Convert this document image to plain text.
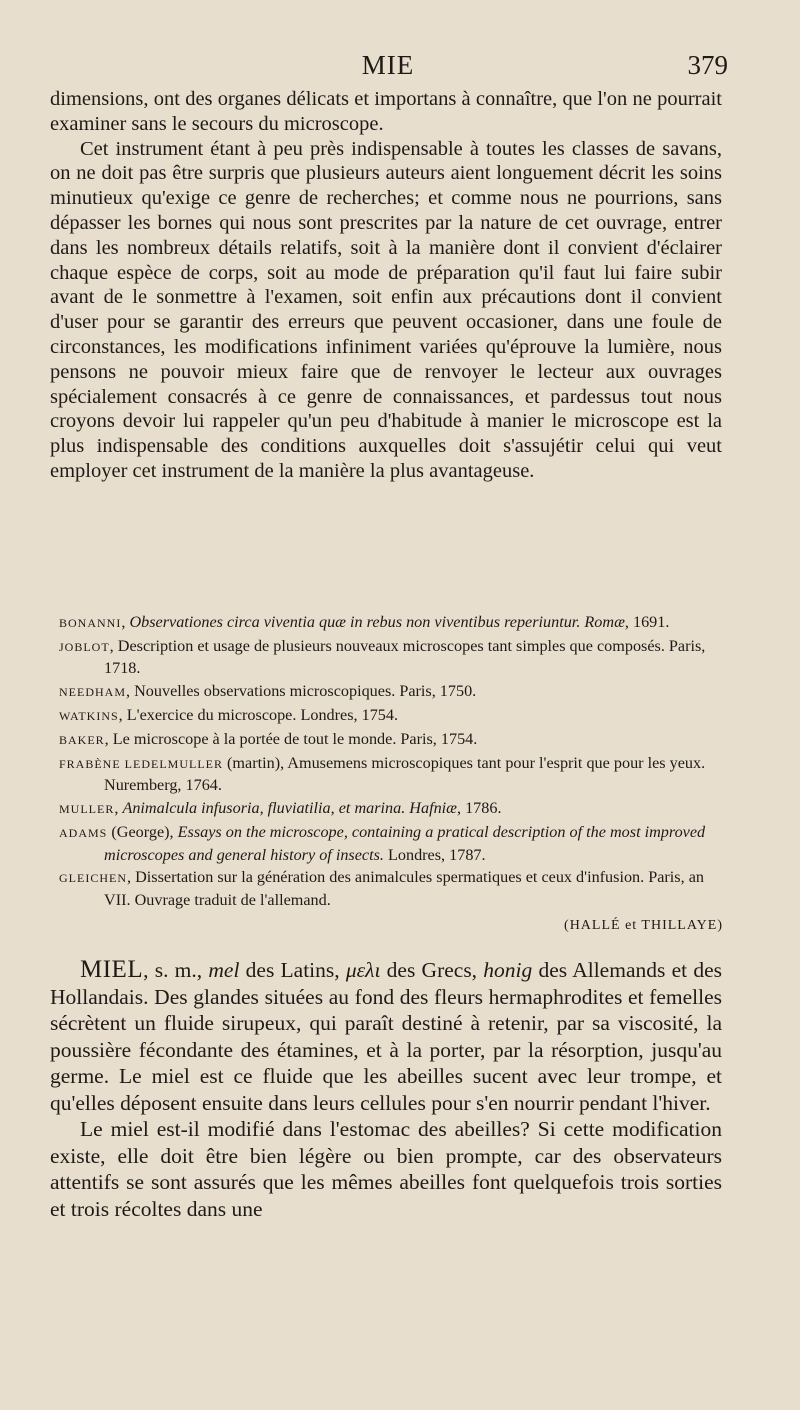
MIE	379

dimensions, ont des organes délicats et importans à connaître, que l'on ne pourrait examiner sans le secours du microscope.

Cet instrument étant à peu près indispensable à toutes les classes de savans, on ne doit pas être surpris que plusieurs auteurs aient longuement décrit les soins minutieux qu'exige ce genre de recherches; et comme nous ne pourrions, sans dépasser les bornes qui nous sont prescrites par la nature de cet ouvrage, entrer dans les nombreux détails relatifs, soit à la manière dont il convient d'éclairer chaque espèce de corps, soit au mode de préparation qu'il faut lui faire subir avant de le sonmettre à l'examen, soit enfin aux précautions dont il convient d'user pour se garantir des erreurs que peuvent occasioner, dans une foule de circonstances, les modifications infiniment variées qu'éprouve la lumière, nous pensons ne pouvoir mieux faire que de renvoyer le lecteur aux ouvrages spécialement consacrés à ce genre de connaissances, et pardessus tout nous croyons devoir lui rappeler qu'un peu d'habitude à manier le microscope est la plus indispensable des conditions auxquelles doit s'assujétir celui qui veut employer cet instrument de la manière la plus avantageuse.

BONANNI, Observationes circa viventia quæ in rebus non viventibus reperiuntur. Romæ, 1691.

JOBLOT, Description et usage de plusieurs nouveaux microscopes tant simples que composés. Paris, 1718.

NEEDHAM, Nouvelles observations microscopiques. Paris, 1750.

WATKINS, L'exercice du microscope. Londres, 1754.

BAKER, Le microscope à la portée de tout le monde. Paris, 1754.

FRABÈNE LEDELMULLER (martin), Amusemens microscopiques tant pour l'esprit que pour les yeux. Nuremberg, 1764.

MULLER, Animalcula infusoria, fluviatilia, et marina. Hafniæ, 1786.

ADAMS (George), Essays on the microscope, containing a pratical description of the most improved microscopes and general history of insects. Londres, 1787.

GLEICHEN, Dissertation sur la génération des animalcules spermatiques et ceux d'infusion. Paris, an VII. Ouvrage traduit de l'allemand.

(HALLÉ et THILLAYE)

MIEL, s. m., mel des Latins, μελι des Grecs, honig des Allemands et des Hollandais. Des glandes situées au fond des fleurs hermaphrodites et femelles sécrètent un fluide sirupeux, qui paraît destiné à retenir, par sa viscosité, la poussière fécondante des étamines, et à la porter, par la résorption, jusqu'au germe. Le miel est ce fluide que les abeilles sucent avec leur trompe, et qu'elles déposent ensuite dans leurs cellules pour s'en nourrir pendant l'hiver.

Le miel est-il modifié dans l'estomac des abeilles? Si cette modification existe, elle doit être bien légère ou bien prompte, car des observateurs attentifs se sont assurés que les mêmes abeilles font quelquefois trois sorties et trois récoltes dans une
